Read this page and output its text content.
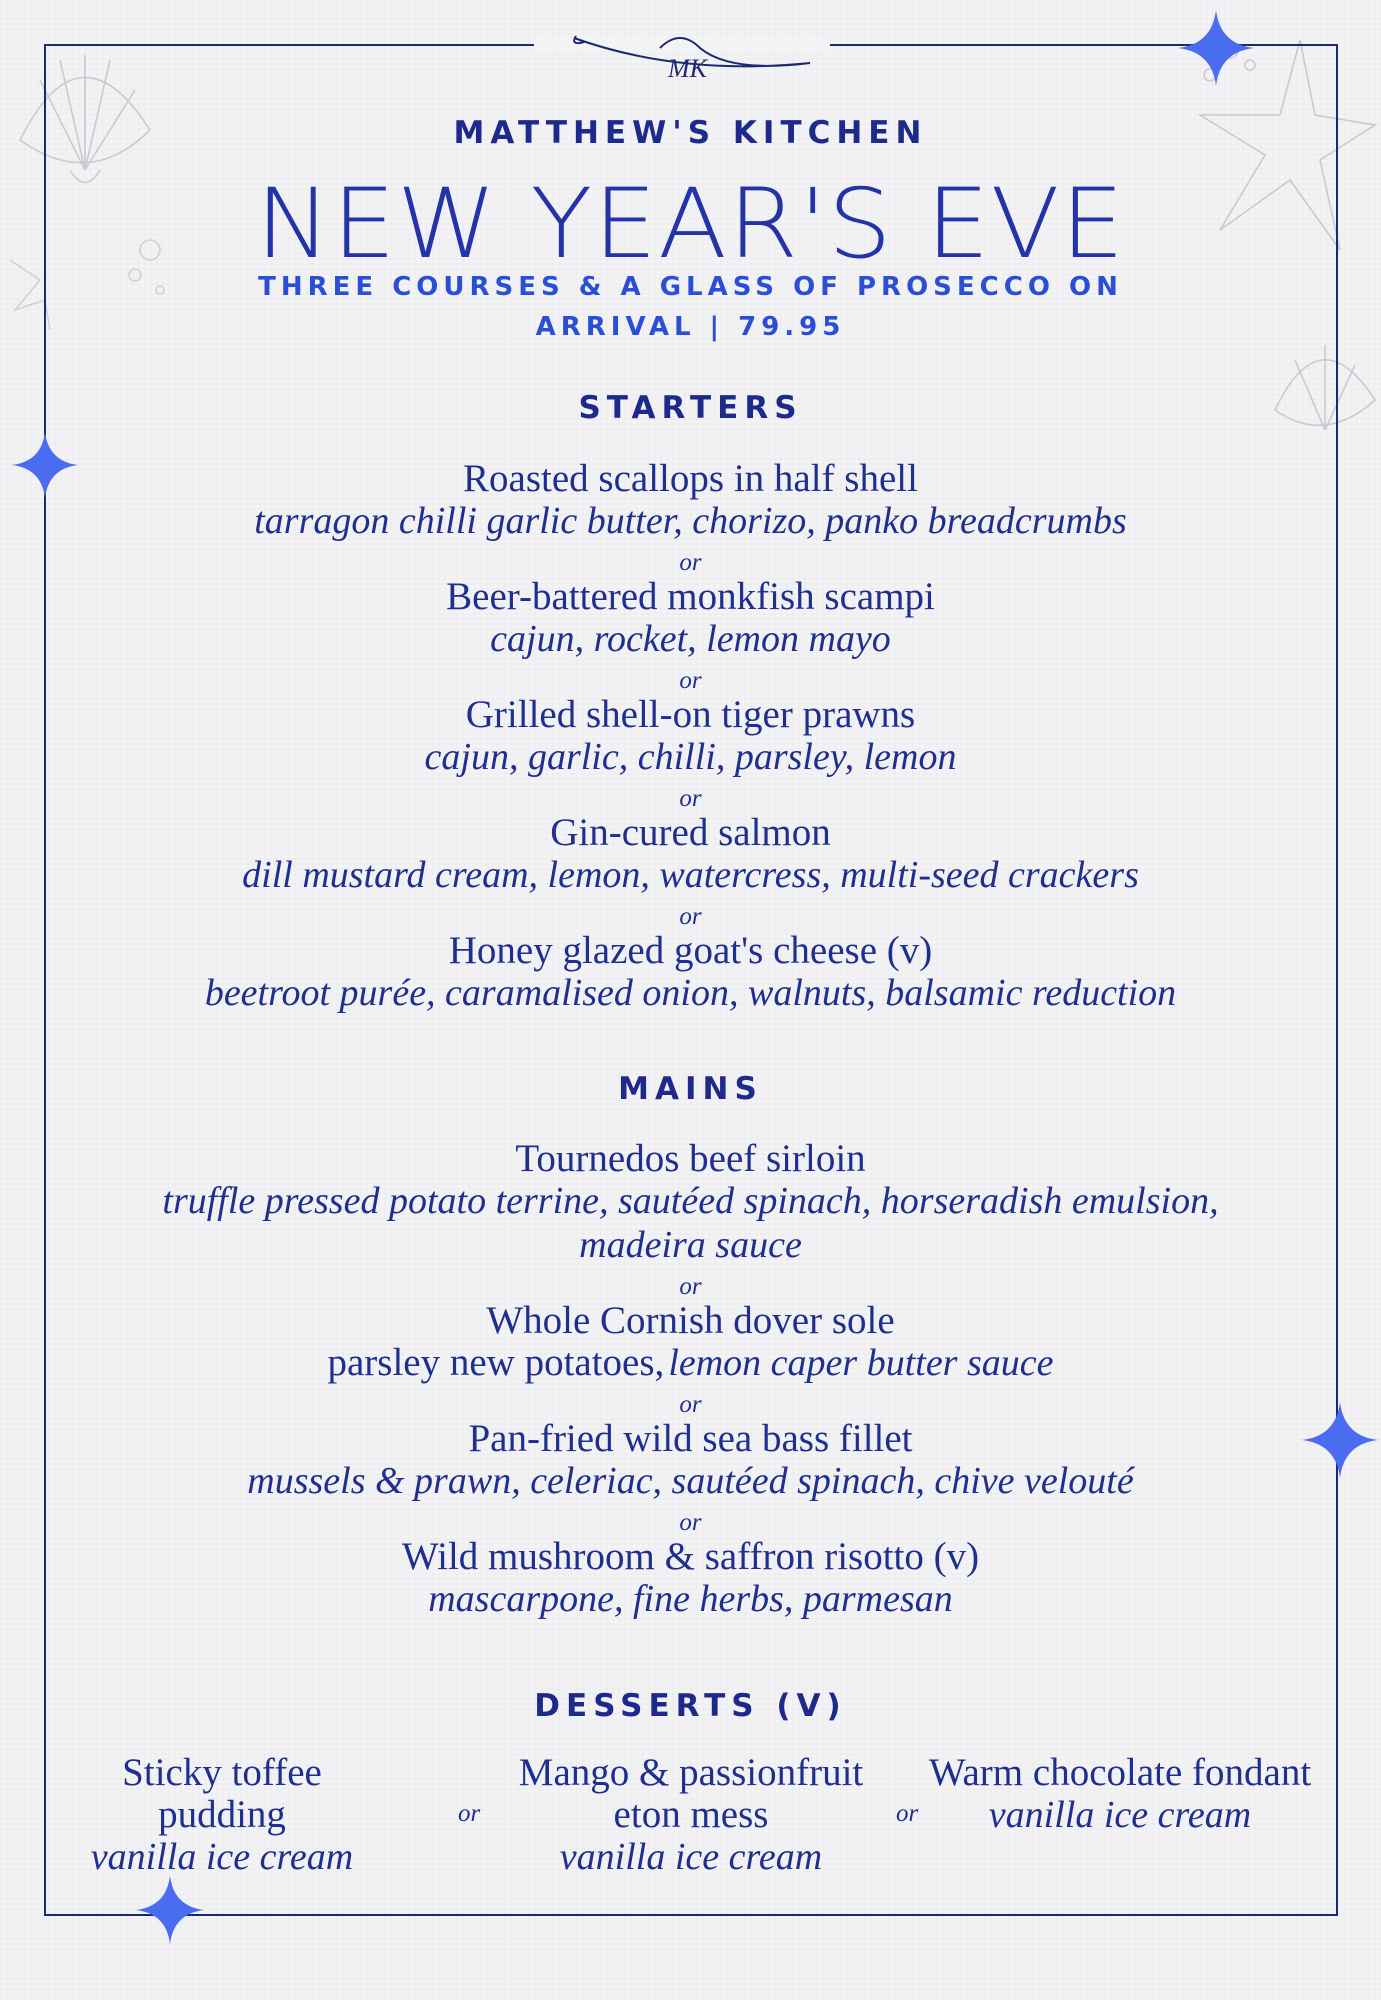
MK
MATTHEW'S KITCHEN
NEW YEAR'S EVE
THREE COURSES & A GLASS OF PROSECCO ON
ARRIVAL | 79.95
STARTERS
Roasted scallops in half shell
tarragon chilli garlic butter, chorizo, panko breadcrumbs
or
Beer-battered monkfish scampi
cajun, rocket, lemon mayo
or
Grilled shell-on tiger prawns
cajun, garlic, chilli, parsley, lemon
or
Gin-cured salmon
dill mustard cream, lemon, watercress, multi-seed crackers
or
Honey glazed goat's cheese (v)
beetroot purée, caramalised onion, walnuts, balsamic reduction
MAINS
Tournedos beef sirloin
truffle pressed potato terrine, sautéed spinach, horseradish emulsion,
madeira sauce
or
Whole Cornish dover sole
parsley new potatoes, lemon caper butter sauce
or
Pan-fried wild sea bass fillet
mussels & prawn, celeriac, sautéed spinach, chive velouté
or
Wild mushroom & saffron risotto (v)
mascarpone, fine herbs, parmesan
DESSERTS (V)
Sticky toffee pudding
vanilla ice cream
or
Mango & passionfruit
eton mess
vanilla ice cream
or
Warm chocolate fondant
vanilla ice cream
